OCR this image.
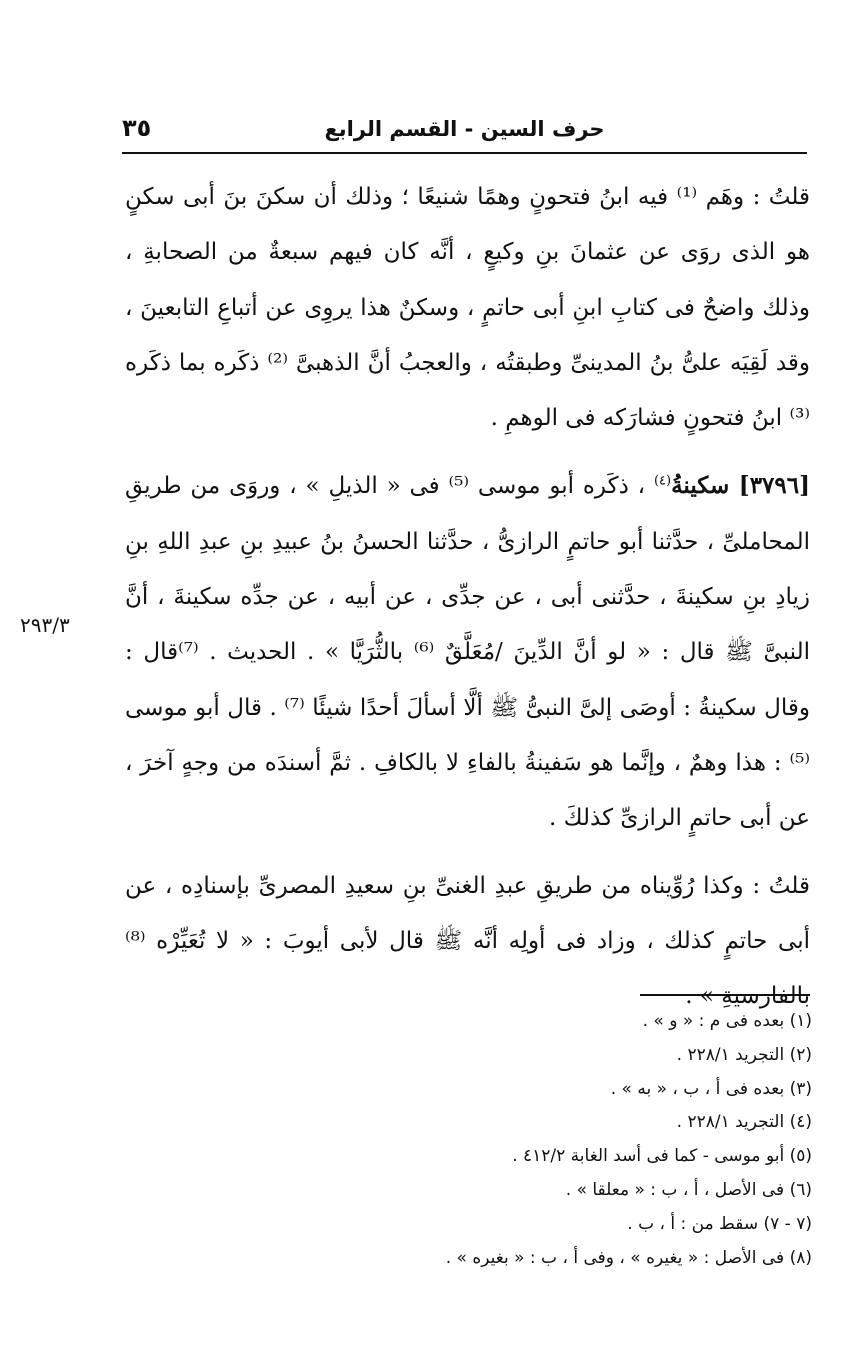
حرف السين - القسم الرابع
٣٥

قلتُ : وهَم ⁽¹⁾ فيه ابنُ فتحونٍ وهمًا شنيعًا ؛ وذلك أن سكنَ بنَ أبى سكنٍ هو الذى روَى عن عثمانَ بنِ وكيعٍ ، أنَّه كان فيهم سبعةٌ من الصحابةِ ، وذلك واضحٌ فى كتابِ ابنِ أبى حاتمٍ ، وسكنٌ هذا يروِى عن أتباعِ التابعينَ ، وقد لَقِيَه علىُّ بنُ المدينىِّ وطبقتُه ، والعجبُ أنَّ الذهبىَّ ⁽²⁾ ذكَره بما ذكَره ⁽³⁾ ابنُ فتحونٍ فشارَكه فى الوهمِ .

[٣٧٩٦] سكينةُ$^{(٤)}$ ، ذكَره أبو موسى ⁽⁵⁾ فى « الذيلِ » ، وروَى من طريقِ المحاملىِّ ، حدَّثنا أبو حاتمٍ الرازىُّ ، حدَّثنا الحسنُ بنُ عبيدِ بنِ عبدِ اللهِ بنِ زيادِ بنِ سكينةَ ، حدَّثنى أبى ، عن جدِّى ، عن أبيه ، عن جدِّه سكينةَ ، أنَّ النبىَّ ﷺ قال : « لو أنَّ الدِّينَ /مُعَلَّقٌ ⁽⁶⁾ بالثُّرَيَّا » . الحديث . ⁽⁷⁾قال : وقال سكينةُ : أوصَى إلىَّ النبىُّ ﷺ ألَّا أسألَ أحدًا شيئًا ⁽⁷⁾ . قال أبو موسى ⁽⁵⁾ : هذا وهمٌ ، وإنَّما هو سَفينةُ بالفاءِ لا بالكافِ . ثمَّ أسندَه من وجهٍ آخرَ ، عن أبى حاتمٍ الرازىِّ كذلكَ .

قلتُ : وكذا رُوِّيناه من طريقِ عبدِ الغنىِّ بنِ سعيدِ المصرىِّ بإسنادِه ، عن أبى حاتمٍ كذلك ، وزاد فى أولِه أنَّه ﷺ قال لأبى أيوبَ : « لا تُعَيِّرْه ⁽⁸⁾ بالفارسيةِ » .

٢٩٣/٣
(١) بعده فى م : « و » .
(٢) التجريد ٢٢٨/١ .
(٣) بعده فى أ ، ب ، « به » .
(٤) التجريد ٢٢٨/١ .
(٥) أبو موسى - كما فى أسد الغابة ٤١٢/٢ .
(٦) فى الأصل ، أ ، ب : « معلقا » .
(٧ - ٧) سقط من : أ ، ب .
(٨) فى الأصل : « يغيره » ، وفى أ ، ب : « بغيره » .
